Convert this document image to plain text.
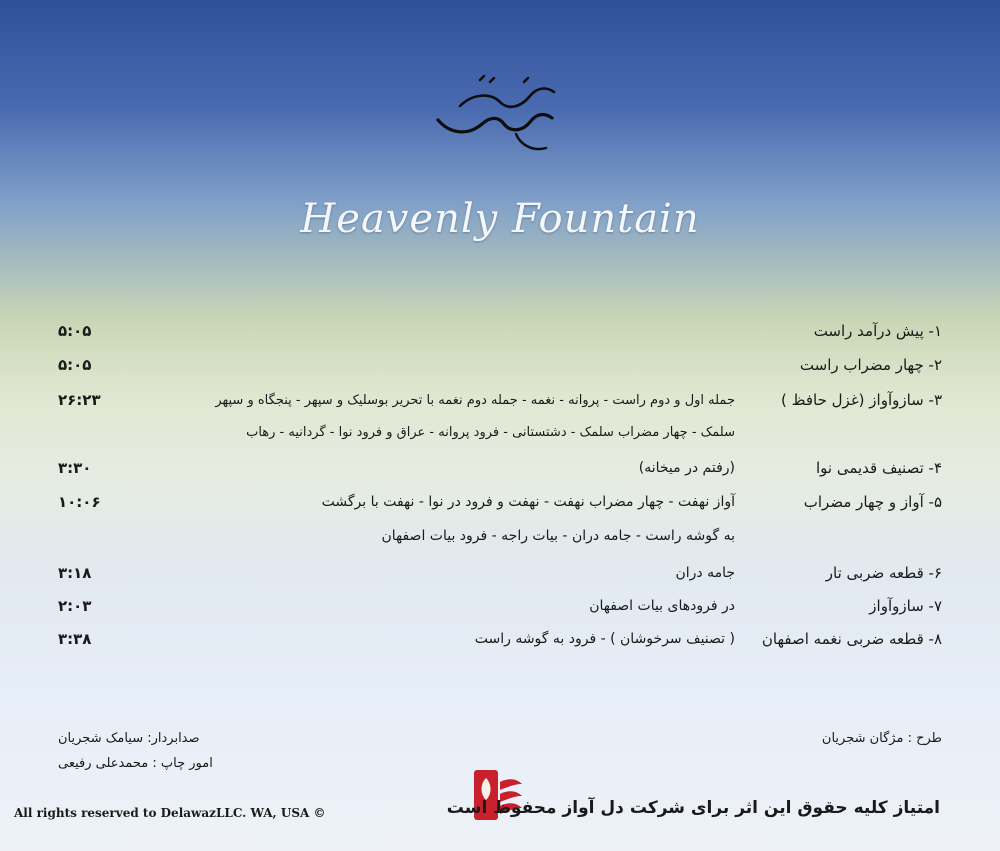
Heavenly Fountain
۱- پیش درآمد راست
۵:۰۵
۲- چهار مضراب راست
۵:۰۵
۳- سازوآواز (غزل حافظ )
۲۶:۲۳	جمله اول و دوم راست - پروانه - نغمه - جمله دوم نغمه با تحریر بوسلیک و سپهر - پنجگاه و سپهر
سلمک - چهار مضراب سلمک - دشتستانی - فرود پروانه - عراق و فرود نوا - گردانیه - رهاب
۴- تصنیف قدیمی نوا
۳:۳۰	(رفتم در میخانه)
۵- آواز و چهار مضراب
۱۰:۰۶	آواز نهفت - چهار مضراب نهفت - نهفت و فرود در نوا - نهفت با برگشت
به گوشه راست - جامه دران - بیات راجه - فرود بیات اصفهان
۶- قطعه ضربی تار
۳:۱۸	جامه دران
۷- سازوآواز
۲:۰۳	در فرودهای بیات اصفهان
۸- قطعه ضربی نغمه اصفهان
۳:۳۸	( تصنیف سرخوشان ) - فرود به گوشه راست
طرح : مژگان شجریان
صدابردار: سیامک شجریان
امور چاپ : محمدعلی رفیعی
All rights reserved to DelawazLLC. WA, USA ©	امتیاز کلیه حقوق این اثر برای شرکت دل آواز محفوظ است
